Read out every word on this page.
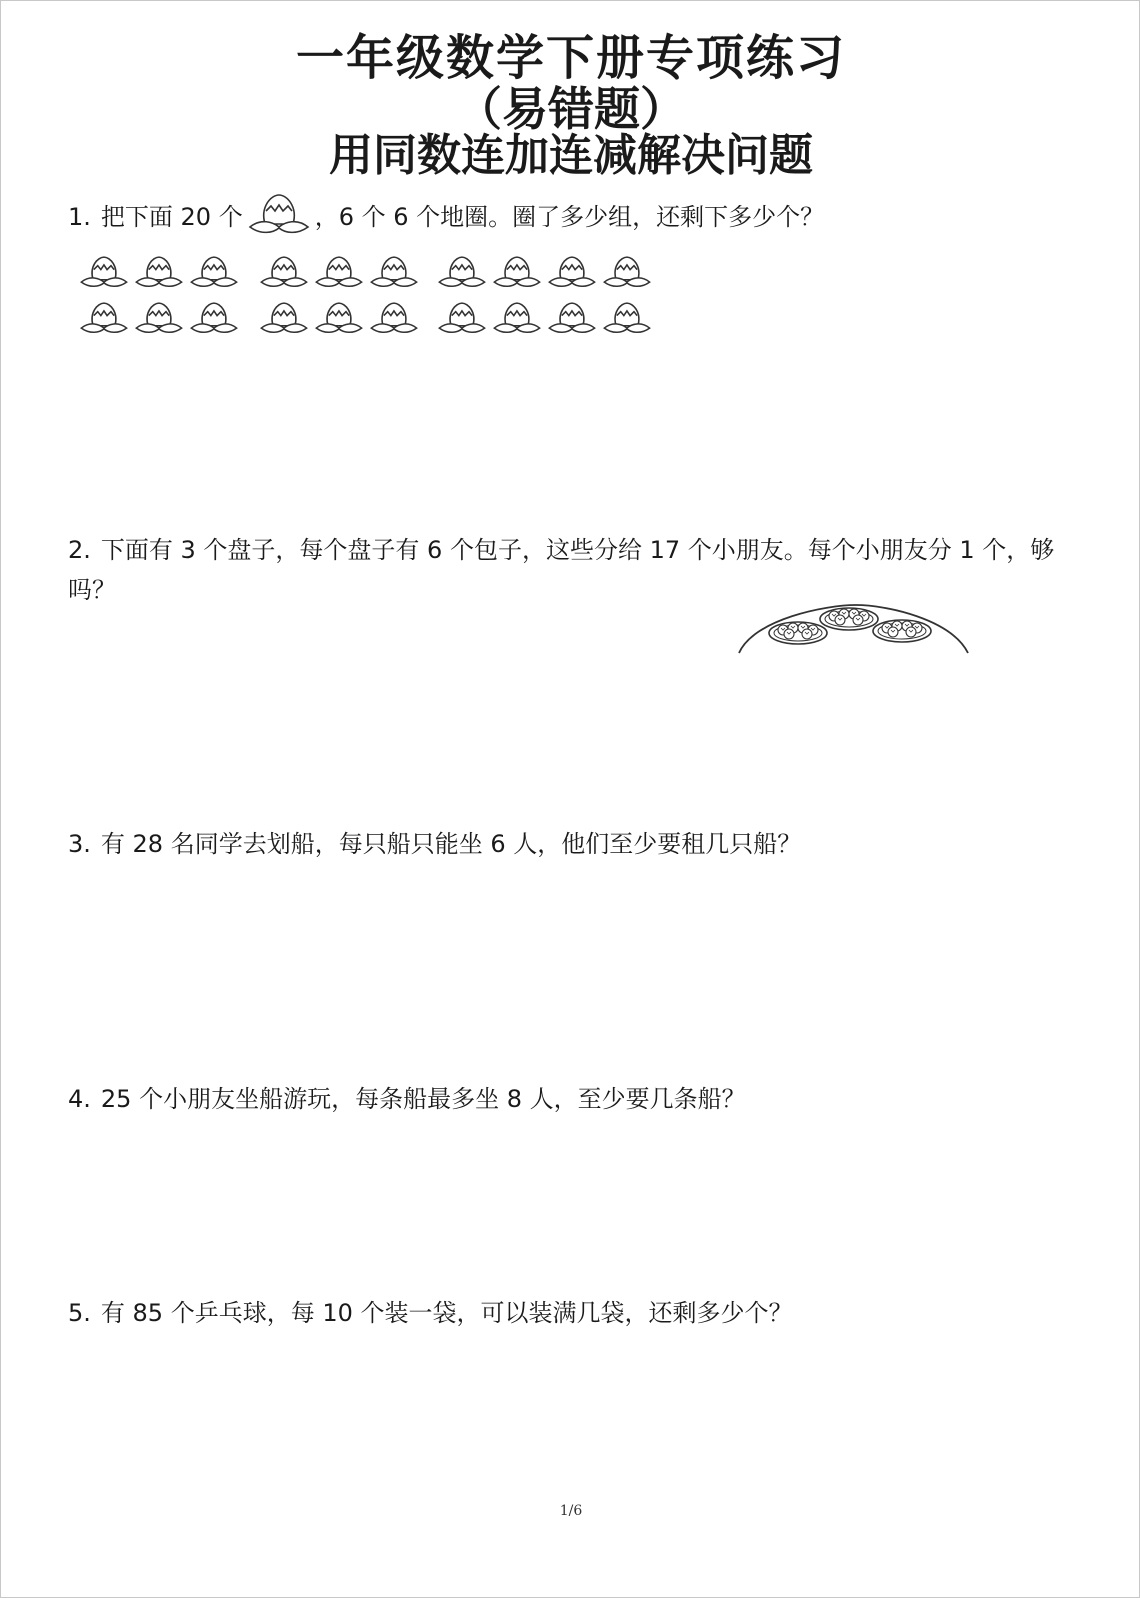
一年级数学下册专项练习
（易错题）
用同数连加连减解决问题
1. 把下面 20 个	，6 个 6 个地圈。圈了多少组，还剩下多少个？
2. 下面有 3 个盘子，每个盘子有 6 个包子，这些分给 17 个小朋友。每个小朋友分 1 个，够吗？
3. 有 28 名同学去划船，每只船只能坐 6 人，他们至少要租几只船？
4. 25 个小朋友坐船游玩，每条船最多坐 8 人，至少要几条船？
5. 有 85 个乒乓球，每 10 个装一袋，可以装满几袋，还剩多少个？
1/6
